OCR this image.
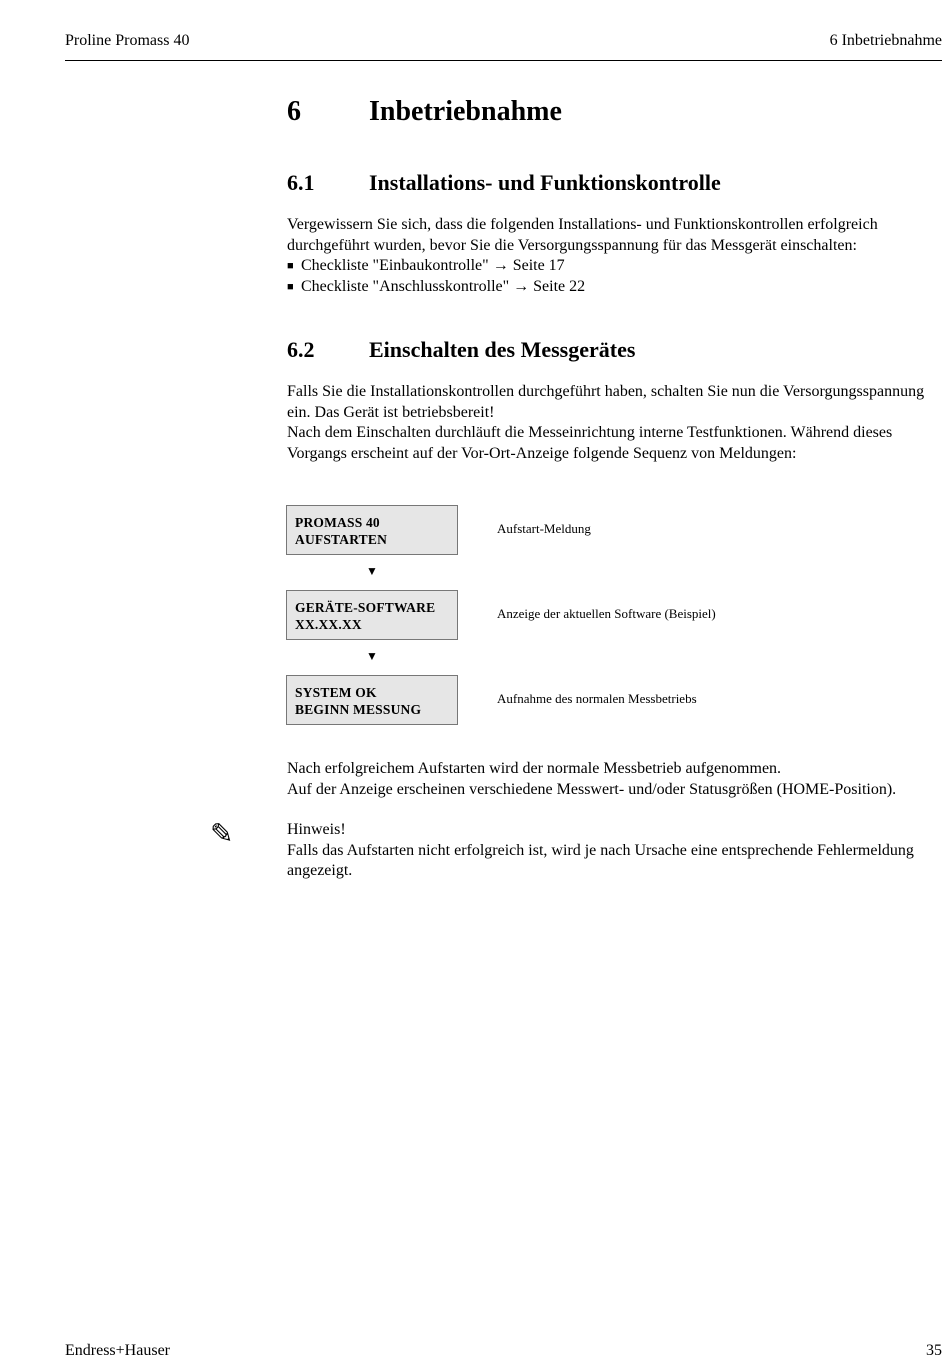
Proline Promass 40	6 Inbetriebnahme
6 Inbetriebnahme
6.1 Installations- und Funktionskontrolle

Vergewissern Sie sich, dass die folgenden Installations- und Funktionskontrollen erfolgreich durchgeführt wurden, bevor Sie die Versorgungsspannung für das Messgerät einschalten:

■ Checkliste "Einbaukontrolle" → Seite 17
■ Checkliste "Anschlusskontrolle" → Seite 22
6.2 Einschalten des Messgerätes

Falls Sie die Installationskontrollen durchgeführt haben, schalten Sie nun die Versorgungsspannung ein. Das Gerät ist betriebsbereit!

Nach dem Einschalten durchläuft die Messeinrichtung interne Testfunktionen. Während dieses Vorgangs erscheint auf der Vor-Ort-Anzeige folgende Sequenz von Meldungen:

PROMASS 40
AUFSTARTEN
Aufstart-Meldung
▼
GERÄTE-SOFTWARE
XX.XX.XX
Anzeige der aktuellen Software (Beispiel)
▼
SYSTEM OK
BEGINN MESSUNG
Aufnahme des normalen Messbetriebs

Nach erfolgreichem Aufstarten wird der normale Messbetrieb aufgenommen.

Auf der Anzeige erscheinen verschiedene Messwert- und/oder Statusgrößen (HOME-Position).

✎	Hinweis!

Falls das Aufstarten nicht erfolgreich ist, wird je nach Ursache eine entsprechende Fehlermeldung angezeigt.

Endress+Hauser	35
